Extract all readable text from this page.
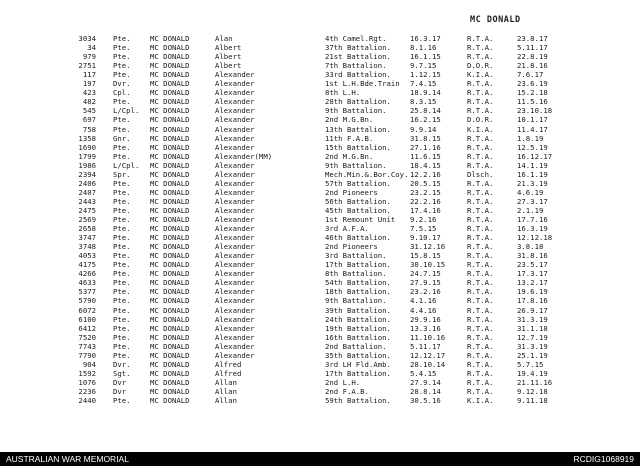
MC DONALD
3034 Pte.	MC DONALD	Alan	4th Camel.Rgt.	16.3.17	R.T.A.	23.8.17
34 Pte.	MC DONALD	Albert	37th Battalion.	8.1.16	R.T.A.	5.11.17
979 Pte.	MC DONALD	Albert	21st Battalion.	16.1.15	R.T.A.	22.8.19
2751 Pte.	MC DONALD	Albert	7th Battalion.	9.7.15	D.O.R.	21.8.16
117 Pte.	MC DONALD	Alexander	33rd Battalion.	1.12.15	K.I.A.	7.6.17
197 Dvr.	MC DONALD	Alexander	1st L.H.Bde.Train 7.4.15	R.T.A.	23.6.19
423 Cpl.	MC DONALD	Alexander	8th L.H.	18.9.14	R.T.A.	15.2.18
482 Pte.	MC DONALD	Alexander	28th Battalion.	8.3.15	R.T.A.	11.5.16
545 L/Cpl. MC DONALD	Alexander	9th Battalion.	25.8.14	R.T.A.	23.10.18
697 Pte.	MC DONALD	Alexander	2nd M.G.Bn.	16.2.15	D.O.R.	10.1.17
758 Pte.	MC DONALD	Alexander	13th Battalion.	9.9.14	K.I.A.	11.4.17
1358 Gnr.	MC DONALD	Alexander	11th F.A.B.	31.8.15	R.T.A.	1.8.19
1690 Pte.	MC DONALD	Alexander	15th Battalion.	27.1.16	R.T.A.	12.5.19
1799 Pte.	MC DONALD	Alexander(MM)	2nd M.G.Bn.	11.6.15	R.T.A.	16.12.17
1986 L/Cpl. MC DONALD	Alexander	9th Battalion.	18.4.15	R.T.A.	14.1.19
2394 Spr.	MC DONALD	Alexander	Mech.Min.&.Bor.Coy. 12.2.16	Dlsch.	16.1.19
2406 Pte.	MC DONALD	Alexander	57th Battalion.	20.5.15	R.T.A.	21.3.19
2407 Pte.	MC DONALD	Alexander	2nd Pioneers	23.2.15	R.T.A.	4.6.19
2443 Pte.	MC DONALD	Alexander	56th Battalion.	22.2.16	R.T.A.	27.3.17
2475 Pte.	MC DONALD	Alexander	45th Battalion.	17.4.16	R.T.A.	2.1.19
2569 Pte.	MC DONALD	Alexander	1st Remount Unit 9.2.16	R.T.A.	17.7.16
2658 Pte.	MC DONALD	Alexander	3rd A.F.A.	7.5.15	R.T.A.	16.3.19
3747 Pte.	MC DONALD	Alexander	46th Battalion.	9.10.17	R.T.A.	12.12.18
3748 Pte.	MC DONALD	Alexander	2nd Pioneers	31.12.16	R.T.A.	3.8.18
4053 Pte.	MC DONALD	Alexander	3rd Battalion.	15.8.15	R.T.A.	31.8.16
4175 Pte.	MC DONALD	Alexander	17th Battalion.	30.10.15	R.T.A.	23.5.17
4266 Pte.	MC DONALD	Alexander	8th Battalion.	24.7.15	R.T.A.	17.3.17
4633 Pte.	MC DONALD	Alexander	54th Battalion.	27.9.15	R.T.A.	13.2.17
5377 Pte.	MC DONALD	Alexander	18th Battalion.	23.2.16	R.T.A.	19.6.19
5790 Pte.	MC DONALD	Alexander	9th Battalion.	4.1.16	R.T.A.	17.8.16
6072 Pte.	MC DONALD	Alexander	39th Battalion.	4.4.16	R.T.A.	26.9.17
6100 Pte.	MC DONALD	Alexander	24th Battalion.	29.9.16	R.T.A.	31.3.19
6412 Pte.	MC DONALD	Alexander	19th Battalion.	13.3.16	R.T.A.	31.1.18
7520 Pte.	MC DONALD	Alexander	16th Battalion.	11.10.16	R.T.A.	12.7.19
7743 Pte.	MC DONALD	Alexander	2nd Battalion.	5.11.17	R.T.A.	31.3.19
7790 Pte.	MC DONALD	Alexander	35th Battalion.	12.12.17	R.T.A.	25.1.19
904 Dvr.	MC DONALD	Alfred	3rd LH Fld.Amb.	28.10.14	R.T.A.	5.7.15
1592 Sgt.	MC DONALD	Alfred	17th Battalion.	5.4.15	R.T.A.	19.4.19
1076 Dvr	MC DONALD	Allan	2nd L.H.	27.9.14	R.T.A.	21.11.16
2236 Dvr	MC DONALD	Allan	2nd F.A.B.	28.8.14	R.T.A.	9.12.18
2440 Pte.	MC DONALD	Allan	59th Battalion.	30.5.16	K.I.A.	9.11.18
AUSTRALIAN WAR MEMORIAL	RCDIG1068919
